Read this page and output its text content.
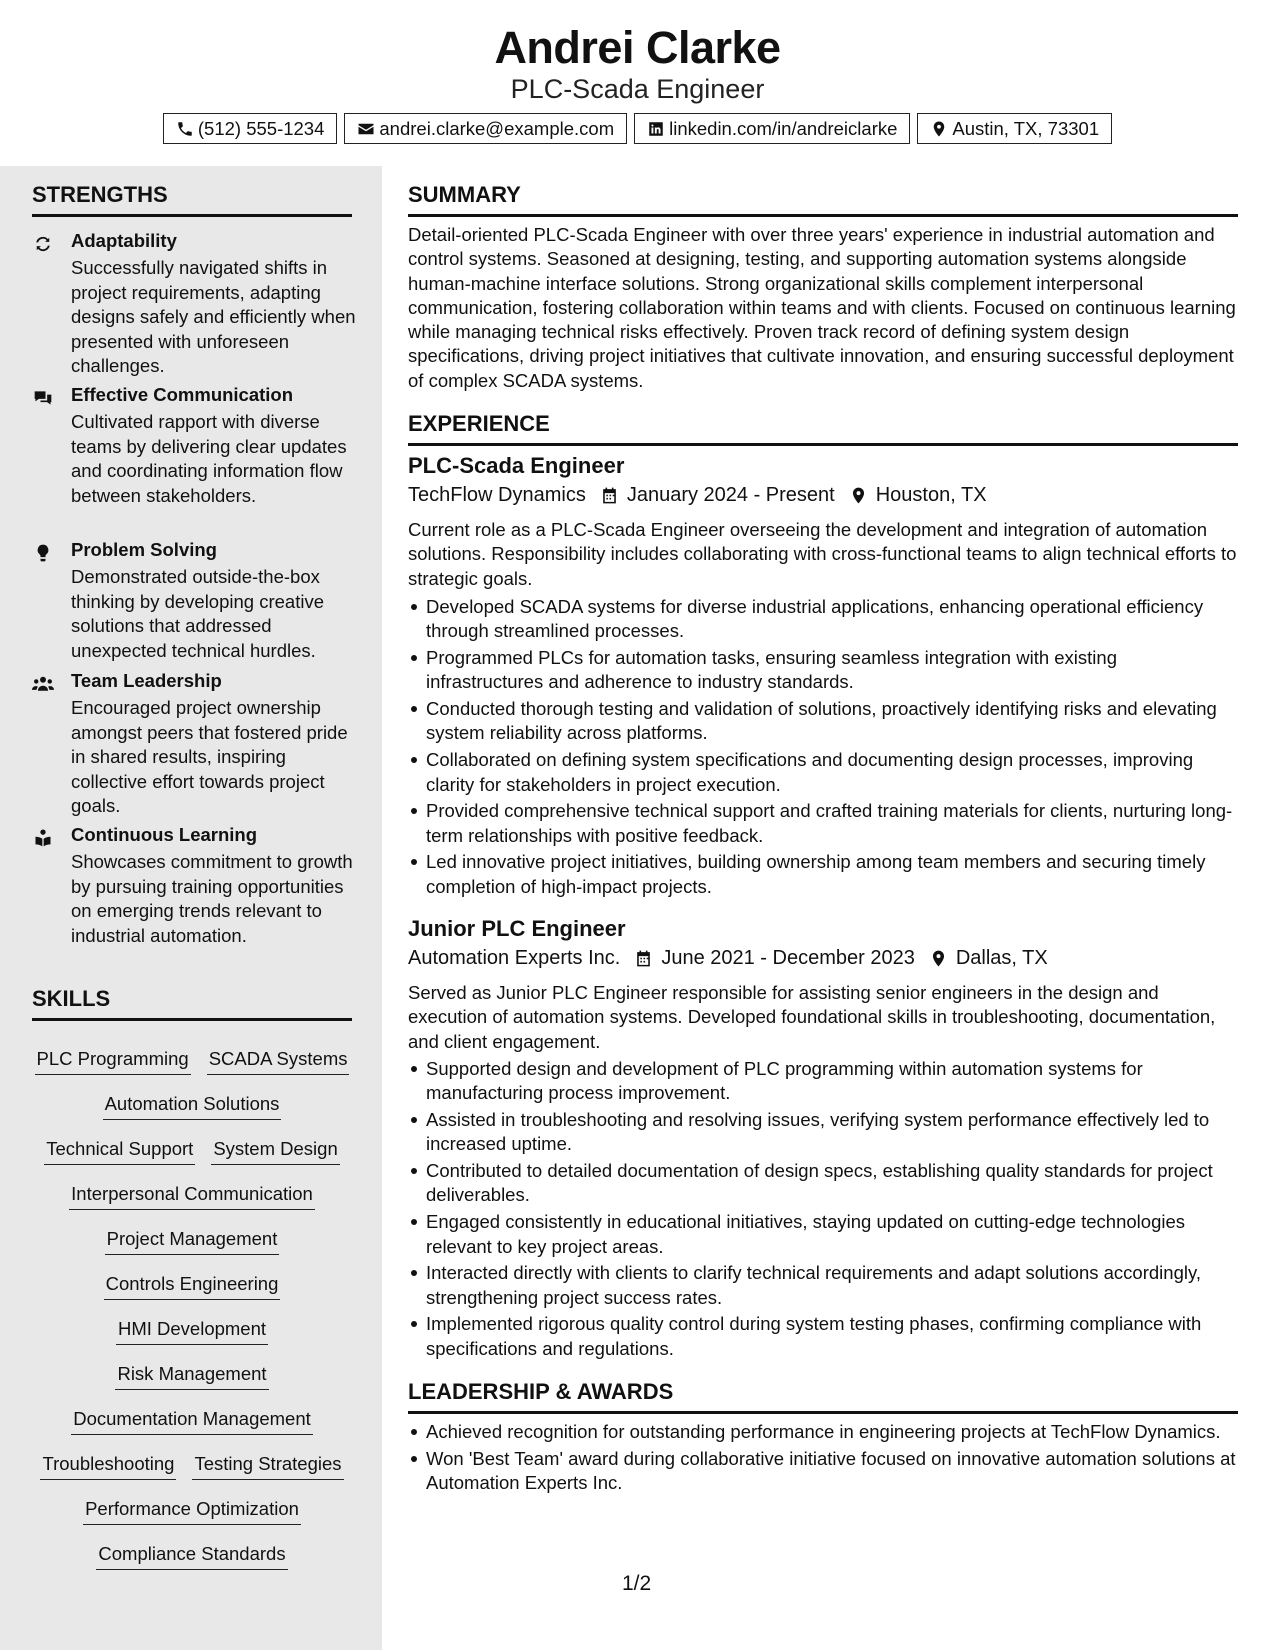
Andrei Clarke
PLC-Scada Engineer
(512) 555-1234	andrei.clarke@example.com	linkedin.com/in/andreiclarke	Austin, TX, 73301
STRENGTHS
Adaptability
Successfully navigated shifts in project requirements, adapting designs safely and efficiently when presented with unforeseen challenges.
Effective Communication
Cultivated rapport with diverse teams by delivering clear updates and coordinating information flow between stakeholders.
Problem Solving
Demonstrated outside-the-box thinking by developing creative solutions that addressed unexpected technical hurdles.
Team Leadership
Encouraged project ownership amongst peers that fostered pride in shared results, inspiring collective effort towards project goals.
Continuous Learning
Showcases commitment to growth by pursuing training opportunities on emerging trends relevant to industrial automation.
SKILLS
PLC Programming SCADA Systems
Automation Solutions
Technical Support System Design
Interpersonal Communication
Project Management
Controls Engineering
HMI Development
Risk Management
Documentation Management
Troubleshooting Testing Strategies
Performance Optimization
Compliance Standards
SUMMARY
Detail-oriented PLC-Scada Engineer with over three years' experience in industrial automation and control systems. Seasoned at designing, testing, and supporting automation systems alongside human-machine interface solutions. Strong organizational skills complement interpersonal communication, fostering collaboration within teams and with clients. Focused on continuous learning while managing technical risks effectively. Proven track record of defining system design specifications, driving project initiatives that cultivate innovation, and ensuring successful deployment of complex SCADA systems.
EXPERIENCE
PLC-Scada Engineer
TechFlow Dynamics January 2024 - Present Houston, TX
Current role as a PLC-Scada Engineer overseeing the development and integration of automation solutions. Responsibility includes collaborating with cross-functional teams to align technical efforts to strategic goals.
Developed SCADA systems for diverse industrial applications, enhancing operational efficiency through streamlined processes.
Programmed PLCs for automation tasks, ensuring seamless integration with existing infrastructures and adherence to industry standards.
Conducted thorough testing and validation of solutions, proactively identifying risks and elevating system reliability across platforms.
Collaborated on defining system specifications and documenting design processes, improving clarity for stakeholders in project execution.
Provided comprehensive technical support and crafted training materials for clients, nurturing long-term relationships with positive feedback.
Led innovative project initiatives, building ownership among team members and securing timely completion of high-impact projects.
Junior PLC Engineer
Automation Experts Inc. June 2021 - December 2023 Dallas, TX
Served as Junior PLC Engineer responsible for assisting senior engineers in the design and execution of automation systems. Developed foundational skills in troubleshooting, documentation, and client engagement.
Supported design and development of PLC programming within automation systems for manufacturing process improvement.
Assisted in troubleshooting and resolving issues, verifying system performance effectively led to increased uptime.
Contributed to detailed documentation of design specs, establishing quality standards for project deliverables.
Engaged consistently in educational initiatives, staying updated on cutting-edge technologies relevant to key project areas.
Interacted directly with clients to clarify technical requirements and adapt solutions accordingly, strengthening project success rates.
Implemented rigorous quality control during system testing phases, confirming compliance with specifications and regulations.
LEADERSHIP & AWARDS
Achieved recognition for outstanding performance in engineering projects at TechFlow Dynamics.
Won 'Best Team' award during collaborative initiative focused on innovative automation solutions at Automation Experts Inc.
1/2
